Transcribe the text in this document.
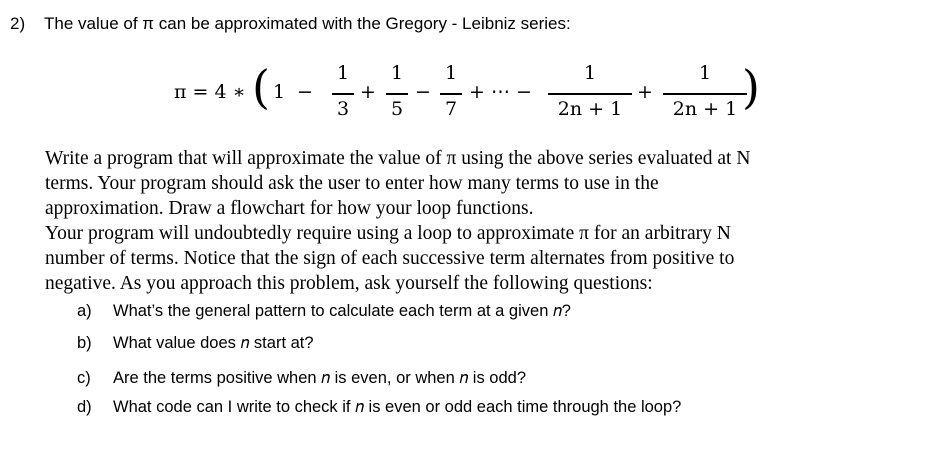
2) The value of π can be approximated with the Gregory - Leibniz series:
π = 4 ∗ ( 1 −
1
3
+
1
5
−
1
7
+ ⋯ −
1
2n + 1
+
1
2n + 1 )

Write a program that will approximate the value of π using the above series evaluated at N

terms. Your program should ask the user to enter how many terms to use in the

approximation. Draw a flowchart for how your loop functions.

Your program will undoubtedly require using a loop to approximate π for an arbitrary N

number of terms. Notice that the sign of each successive term alternates from positive to

negative. As you approach this problem, ask yourself the following questions:

a) What’s the general pattern to calculate each term at a given 𝑛?
b) What value does 𝑛 start at?
c) Are the terms positive when 𝑛 is even, or when 𝑛 is odd?
d) What code can I write to check if 𝑛 is even or odd each time through the loop?
